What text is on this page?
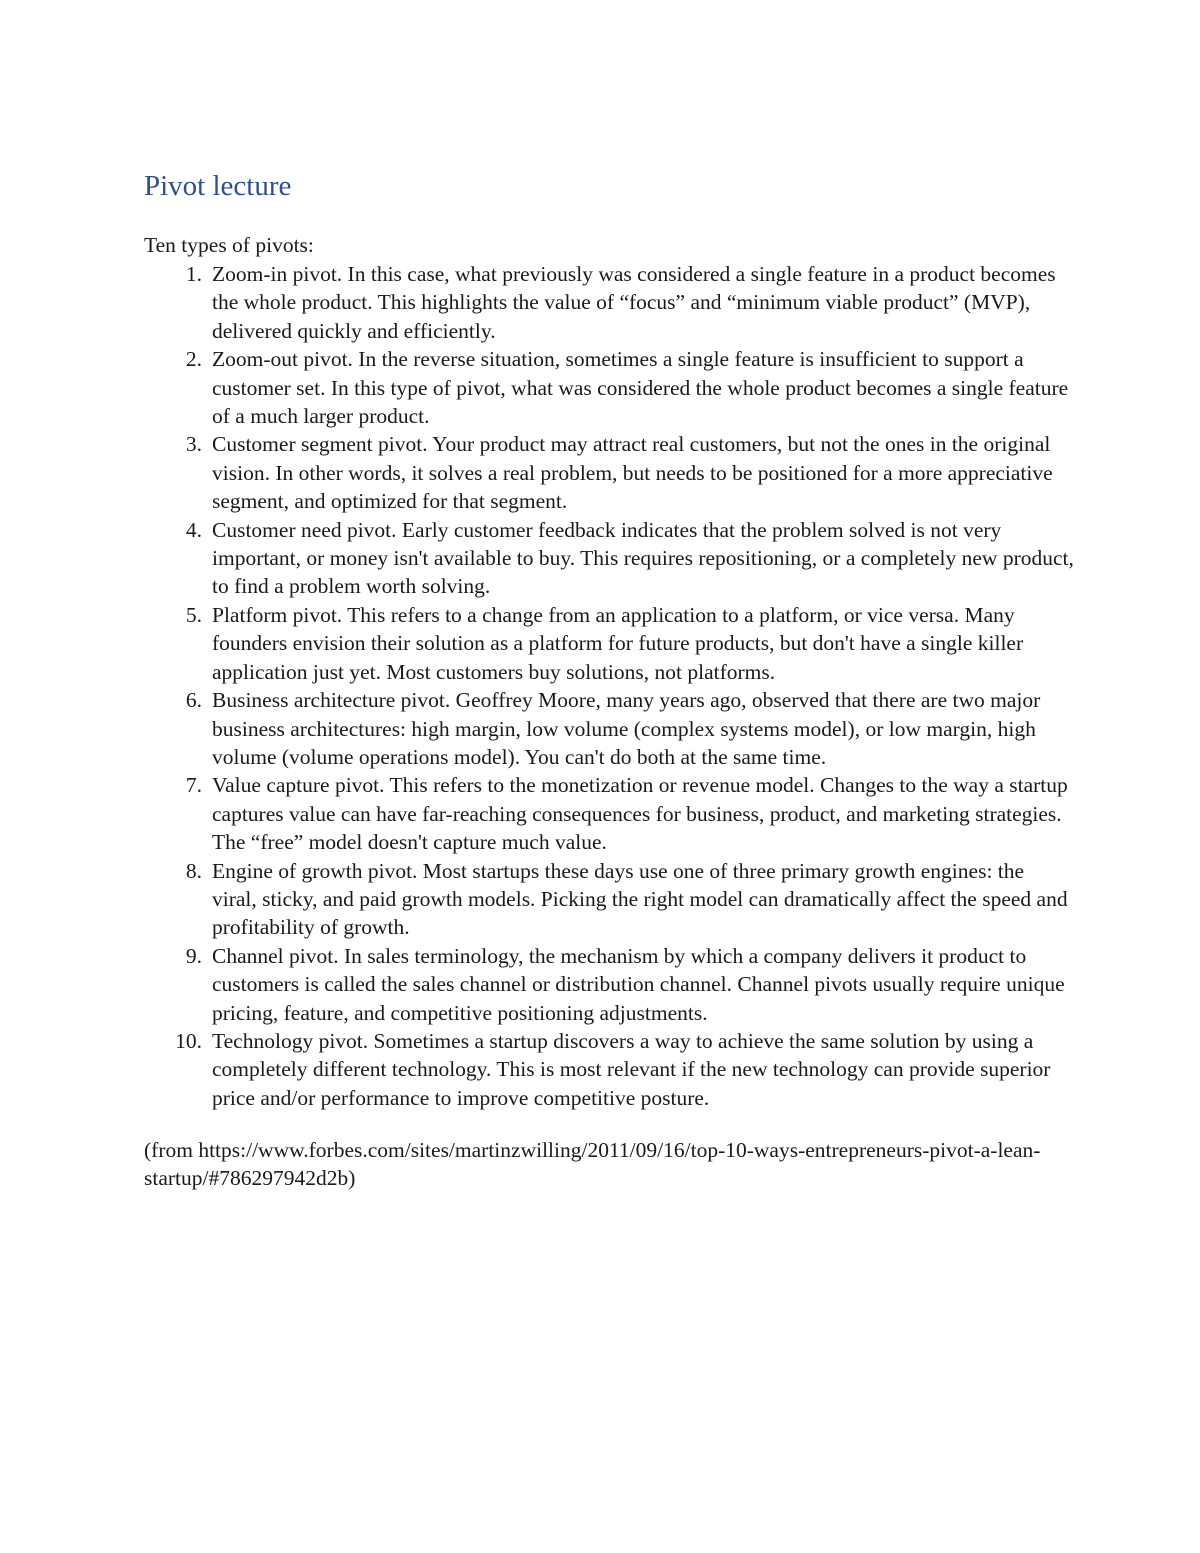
Pivot lecture

Ten types of pivots:

1. Zoom-in pivot. In this case, what previously was considered a single feature in a product becomes the whole product. This highlights the value of “focus” and “minimum viable product” (MVP), delivered quickly and efficiently.
2. Zoom-out pivot. In the reverse situation, sometimes a single feature is insufficient to support a customer set. In this type of pivot, what was considered the whole product becomes a single feature of a much larger product.
3. Customer segment pivot. Your product may attract real customers, but not the ones in the original vision. In other words, it solves a real problem, but needs to be positioned for a more appreciative segment, and optimized for that segment.
4. Customer need pivot. Early customer feedback indicates that the problem solved is not very important, or money isn't available to buy. This requires repositioning, or a completely new product, to find a problem worth solving.
5. Platform pivot. This refers to a change from an application to a platform, or vice versa. Many founders envision their solution as a platform for future products, but don't have a single killer application just yet. Most customers buy solutions, not platforms.
6. Business architecture pivot. Geoffrey Moore, many years ago, observed that there are two major business architectures: high margin, low volume (complex systems model), or low margin, high volume (volume operations model). You can't do both at the same time.
7. Value capture pivot. This refers to the monetization or revenue model. Changes to the way a startup captures value can have far-reaching consequences for business, product, and marketing strategies. The “free” model doesn't capture much value.
8. Engine of growth pivot. Most startups these days use one of three primary growth engines: the viral, sticky, and paid growth models. Picking the right model can dramatically affect the speed and profitability of growth.
9. Channel pivot. In sales terminology, the mechanism by which a company delivers it product to customers is called the sales channel or distribution channel. Channel pivots usually require unique pricing, feature, and competitive positioning adjustments.
10. Technology pivot. Sometimes a startup discovers a way to achieve the same solution by using a completely different technology. This is most relevant if the new technology can provide superior price and/or performance to improve competitive posture.

(from https://www.forbes.com/sites/martinzwilling/2011/09/16/top-10-ways-entrepreneurs-pivot-a-lean-startup/#786297942d2b)
